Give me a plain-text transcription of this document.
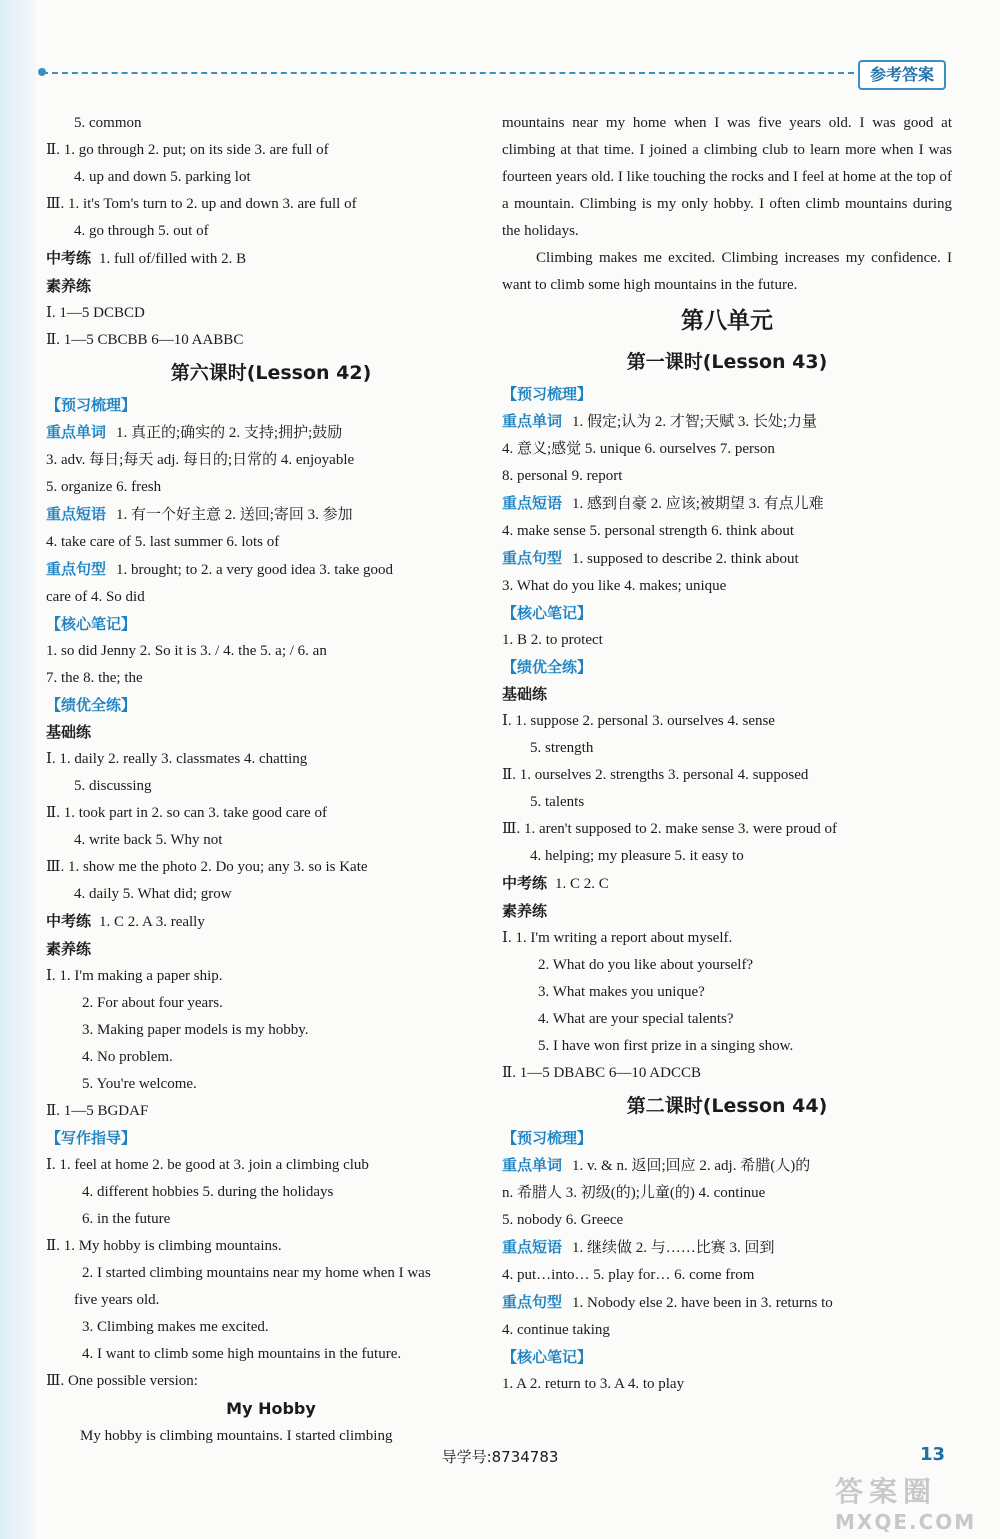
参考答案
5. common
Ⅱ. 1. go through 2. put; on its side 3. are full of
4. up and down 5. parking lot
Ⅲ. 1. it's Tom's turn to 2. up and down 3. are full of
4. go through 5. out of
中考练 1. full of/filled with 2. B
素养练
Ⅰ. 1—5 DCBCD
Ⅱ. 1—5 CBCBB 6—10 AABBC
第六课时(Lesson 42)
【预习梳理】
重点单词 1. 真正的;确实的 2. 支持;拥护;鼓励
3. adv. 每日;每天 adj. 每日的;日常的 4. enjoyable
5. organize 6. fresh
重点短语 1. 有一个好主意 2. 送回;寄回 3. 参加
4. take care of 5. last summer 6. lots of
重点句型 1. brought; to 2. a very good idea 3. take good
care of 4. So did
【核心笔记】
1. so did Jenny 2. So it is 3. / 4. the 5. a; / 6. an
7. the 8. the; the
【绩优全练】
基础练
Ⅰ. 1. daily 2. really 3. classmates 4. chatting
5. discussing
Ⅱ. 1. took part in 2. so can 3. take good care of
4. write back 5. Why not
Ⅲ. 1. show me the photo 2. Do you; any 3. so is Kate
4. daily 5. What did; grow
中考练 1. C 2. A 3. really
素养练
Ⅰ. 1. I'm making a paper ship.
2. For about four years.
3. Making paper models is my hobby.
4. No problem.
5. You're welcome.
Ⅱ. 1—5 BGDAF
【写作指导】
Ⅰ. 1. feel at home 2. be good at 3. join a climbing club
4. different hobbies 5. during the holidays
6. in the future
Ⅱ. 1. My hobby is climbing mountains.
2. I started climbing mountains near my home when I was
five years old.
3. Climbing makes me excited.
4. I want to climb some high mountains in the future.
Ⅲ. One possible version:
My Hobby
My hobby is climbing mountains. I started climbing
mountains near my home when I was five years old. I was good at climbing at that time. I joined a climbing club to learn more when I was fourteen years old. I like touching the rocks and I feel at home at the top of a mountain. Climbing is my only hobby. I often climb mountains during the holidays.
Climbing makes me excited. Climbing increases my confidence. I want to climb some high mountains in the future.
第八单元
第一课时(Lesson 43)
【预习梳理】
重点单词 1. 假定;认为 2. 才智;天赋 3. 长处;力量
4. 意义;感觉 5. unique 6. ourselves 7. person
8. personal 9. report
重点短语 1. 感到自豪 2. 应该;被期望 3. 有点儿难
4. make sense 5. personal strength 6. think about
重点句型 1. supposed to describe 2. think about
3. What do you like 4. makes; unique
【核心笔记】
1. B 2. to protect
【绩优全练】
基础练
Ⅰ. 1. suppose 2. personal 3. ourselves 4. sense
5. strength
Ⅱ. 1. ourselves 2. strengths 3. personal 4. supposed
5. talents
Ⅲ. 1. aren't supposed to 2. make sense 3. were proud of
4. helping; my pleasure 5. it easy to
中考练 1. C 2. C
素养练
Ⅰ. 1. I'm writing a report about myself.
2. What do you like about yourself?
3. What makes you unique?
4. What are your special talents?
5. I have won first prize in a singing show.
Ⅱ. 1—5 DBABC 6—10 ADCCB
第二课时(Lesson 44)
【预习梳理】
重点单词 1. v. & n. 返回;回应 2. adj. 希腊(人)的
n. 希腊人 3. 初级(的);儿童(的) 4. continue
5. nobody 6. Greece
重点短语 1. 继续做 2. 与……比赛 3. 回到
4. put…into… 5. play for… 6. come from
重点句型 1. Nobody else 2. have been in 3. returns to
4. continue taking
【核心笔记】
1. A 2. return to 3. A 4. to play
导学号:8734783	13
答案圈
MXQE.COM
